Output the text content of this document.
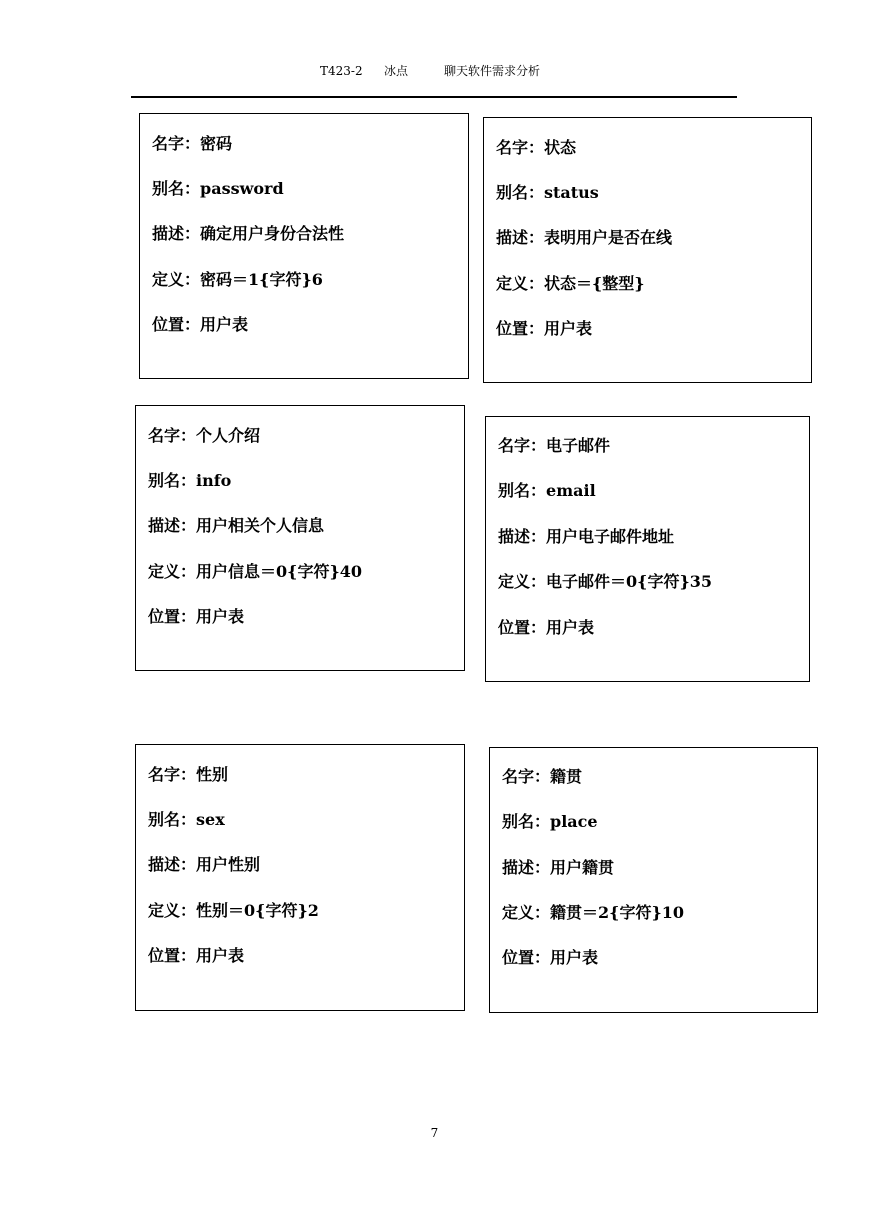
T423-2 冰点	聊天软件需求分析
名字：密码
别名：password
描述：确定用户身份合法性
定义：密码＝1{字符}6
位置：用户表
名字：状态
别名：status
描述：表明用户是否在线
定义：状态＝{整型}
位置：用户表
名字：个人介绍
别名：info
描述：用户相关个人信息
定义：用户信息＝0{字符}40
位置：用户表
名字：电子邮件
别名：email
描述：用户电子邮件地址
定义：电子邮件＝0{字符}35
位置：用户表
名字：性别
别名：sex
描述：用户性别
定义：性别＝0{字符}2
位置：用户表
名字：籍贯
别名：place
描述：用户籍贯
定义：籍贯＝2{字符}10
位置：用户表
7
